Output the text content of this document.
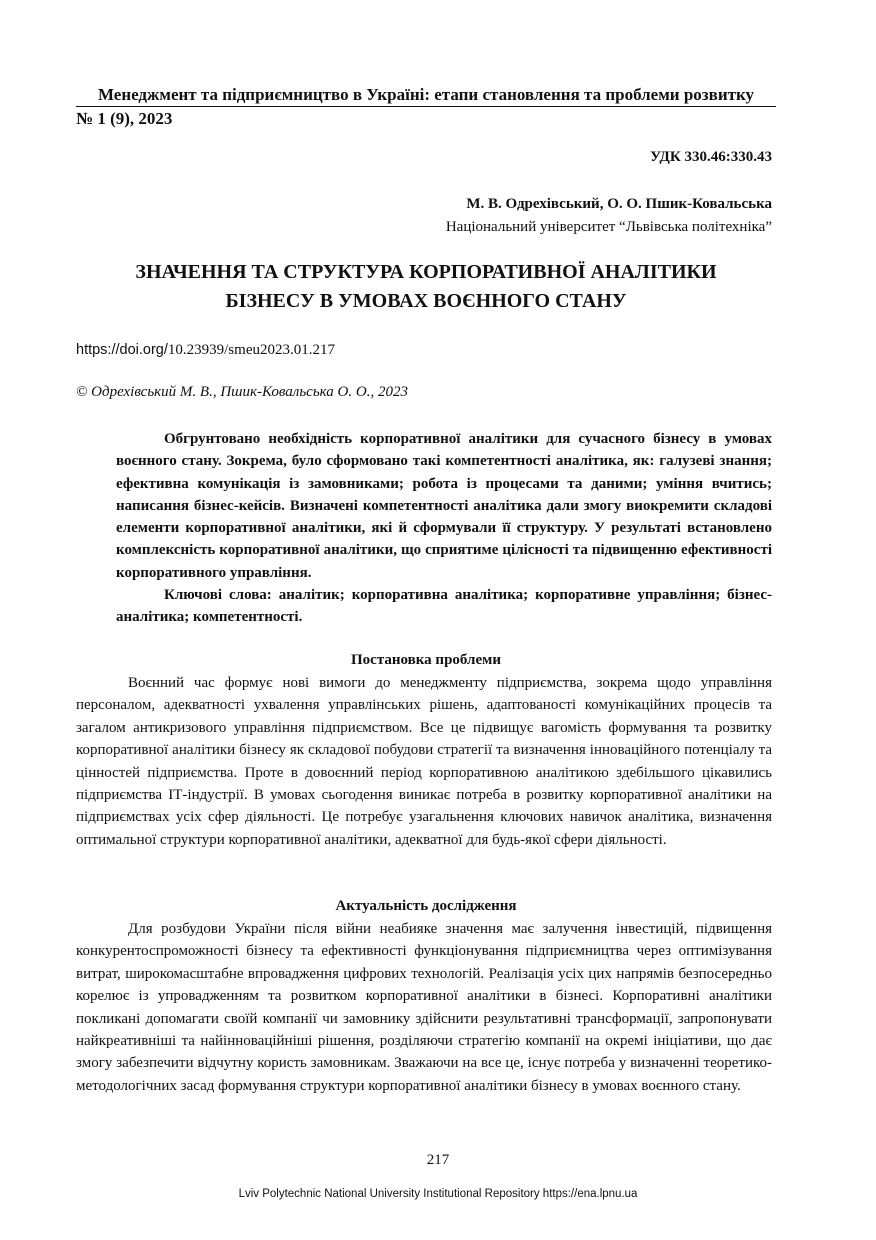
Менеджмент та підприємництво в Україні: етапи становлення та проблеми розвитку
№ 1 (9), 2023
УДК 330.46:330.43
М. В. Одрехівський, О. О. Пшик-Ковальська
Національний університет “Львівська політехніка”
ЗНАЧЕННЯ ТА СТРУКТУРА КОРПОРАТИВНОЇ АНАЛІТИКИ
БІЗНЕСУ В УМОВАХ ВОЄННОГО СТАНУ
https://doi.org/10.23939/smeu2023.01.217
© Одрехівський М. В., Пшик-Ковальська О. О., 2023

Обгрунтовано необхідність корпоративної аналітики для сучасного бізнесу в умовах воєнного стану. Зокрема, було сформовано такі компетентності аналітика, як: галузеві знання; ефективна комунікація із замовниками; робота із процесами та даними; уміння вчитись; написання бізнес-кейсів. Визначені компетентності аналітика дали змогу виокремити складові елементи корпоративної аналітики, які й сформували її структуру. У результаті встановлено комплексність корпоративної аналітики, що сприятиме цілісності та підвищенню ефективності корпоративного управління.

Ключові слова: аналітик; корпоративна аналітика; корпоративне управління; бізнес-аналітика; компетентності.

Постановка проблеми

Воєнний час формує нові вимоги до менеджменту підприємства, зокрема щодо управління персоналом, адекватності ухвалення управлінських рішень, адаптованості комунікаційних процесів та загалом антикризового управління підприємством. Все це підвищує вагомість формування та розвитку корпоративної аналітики бізнесу як складової побудови стратегії та визначення інноваційного потенціалу та цінностей підприємства. Проте в довоєнний період корпоративною аналітикою здебільшого цікавились підприємства ІТ-індустрії. В умовах сьогодення виникає потреба в розвитку корпоративної аналітики на підприємствах усіх сфер діяльності. Це потребує узагальнення ключових навичок аналітика, визначення оптимальної структури корпоративної аналітики, адекватної для будь-якої сфери діяльності.

Актуальність дослідження

Для розбудови України після війни неабияке значення має залучення інвестицій, підвищення конкурентоспроможності бізнесу та ефективності функціонування підприємництва через оптимізування витрат, широкомасштабне впровадження цифрових технологій. Реалізація усіх цих напрямів безпосередньо корелює із упровадженням та розвитком корпоративної аналітики в бізнесі. Корпоративні аналітики покликані допомагати своїй компанії чи замовнику здійснити результативні трансформації, запропонувати найкреативніші та найінноваційніші рішення, розділяючи стратегію компанії на окремі ініціативи, що дає змогу забезпечити відчутну користь замовникам. Зважаючи на все це, існує потреба у визначенні теоретико-методологічних засад формування структури корпоративної аналітики бізнесу в умовах воєнного стану.

217
Lviv Polytechnic National University Institutional Repository https://ena.lpnu.ua
